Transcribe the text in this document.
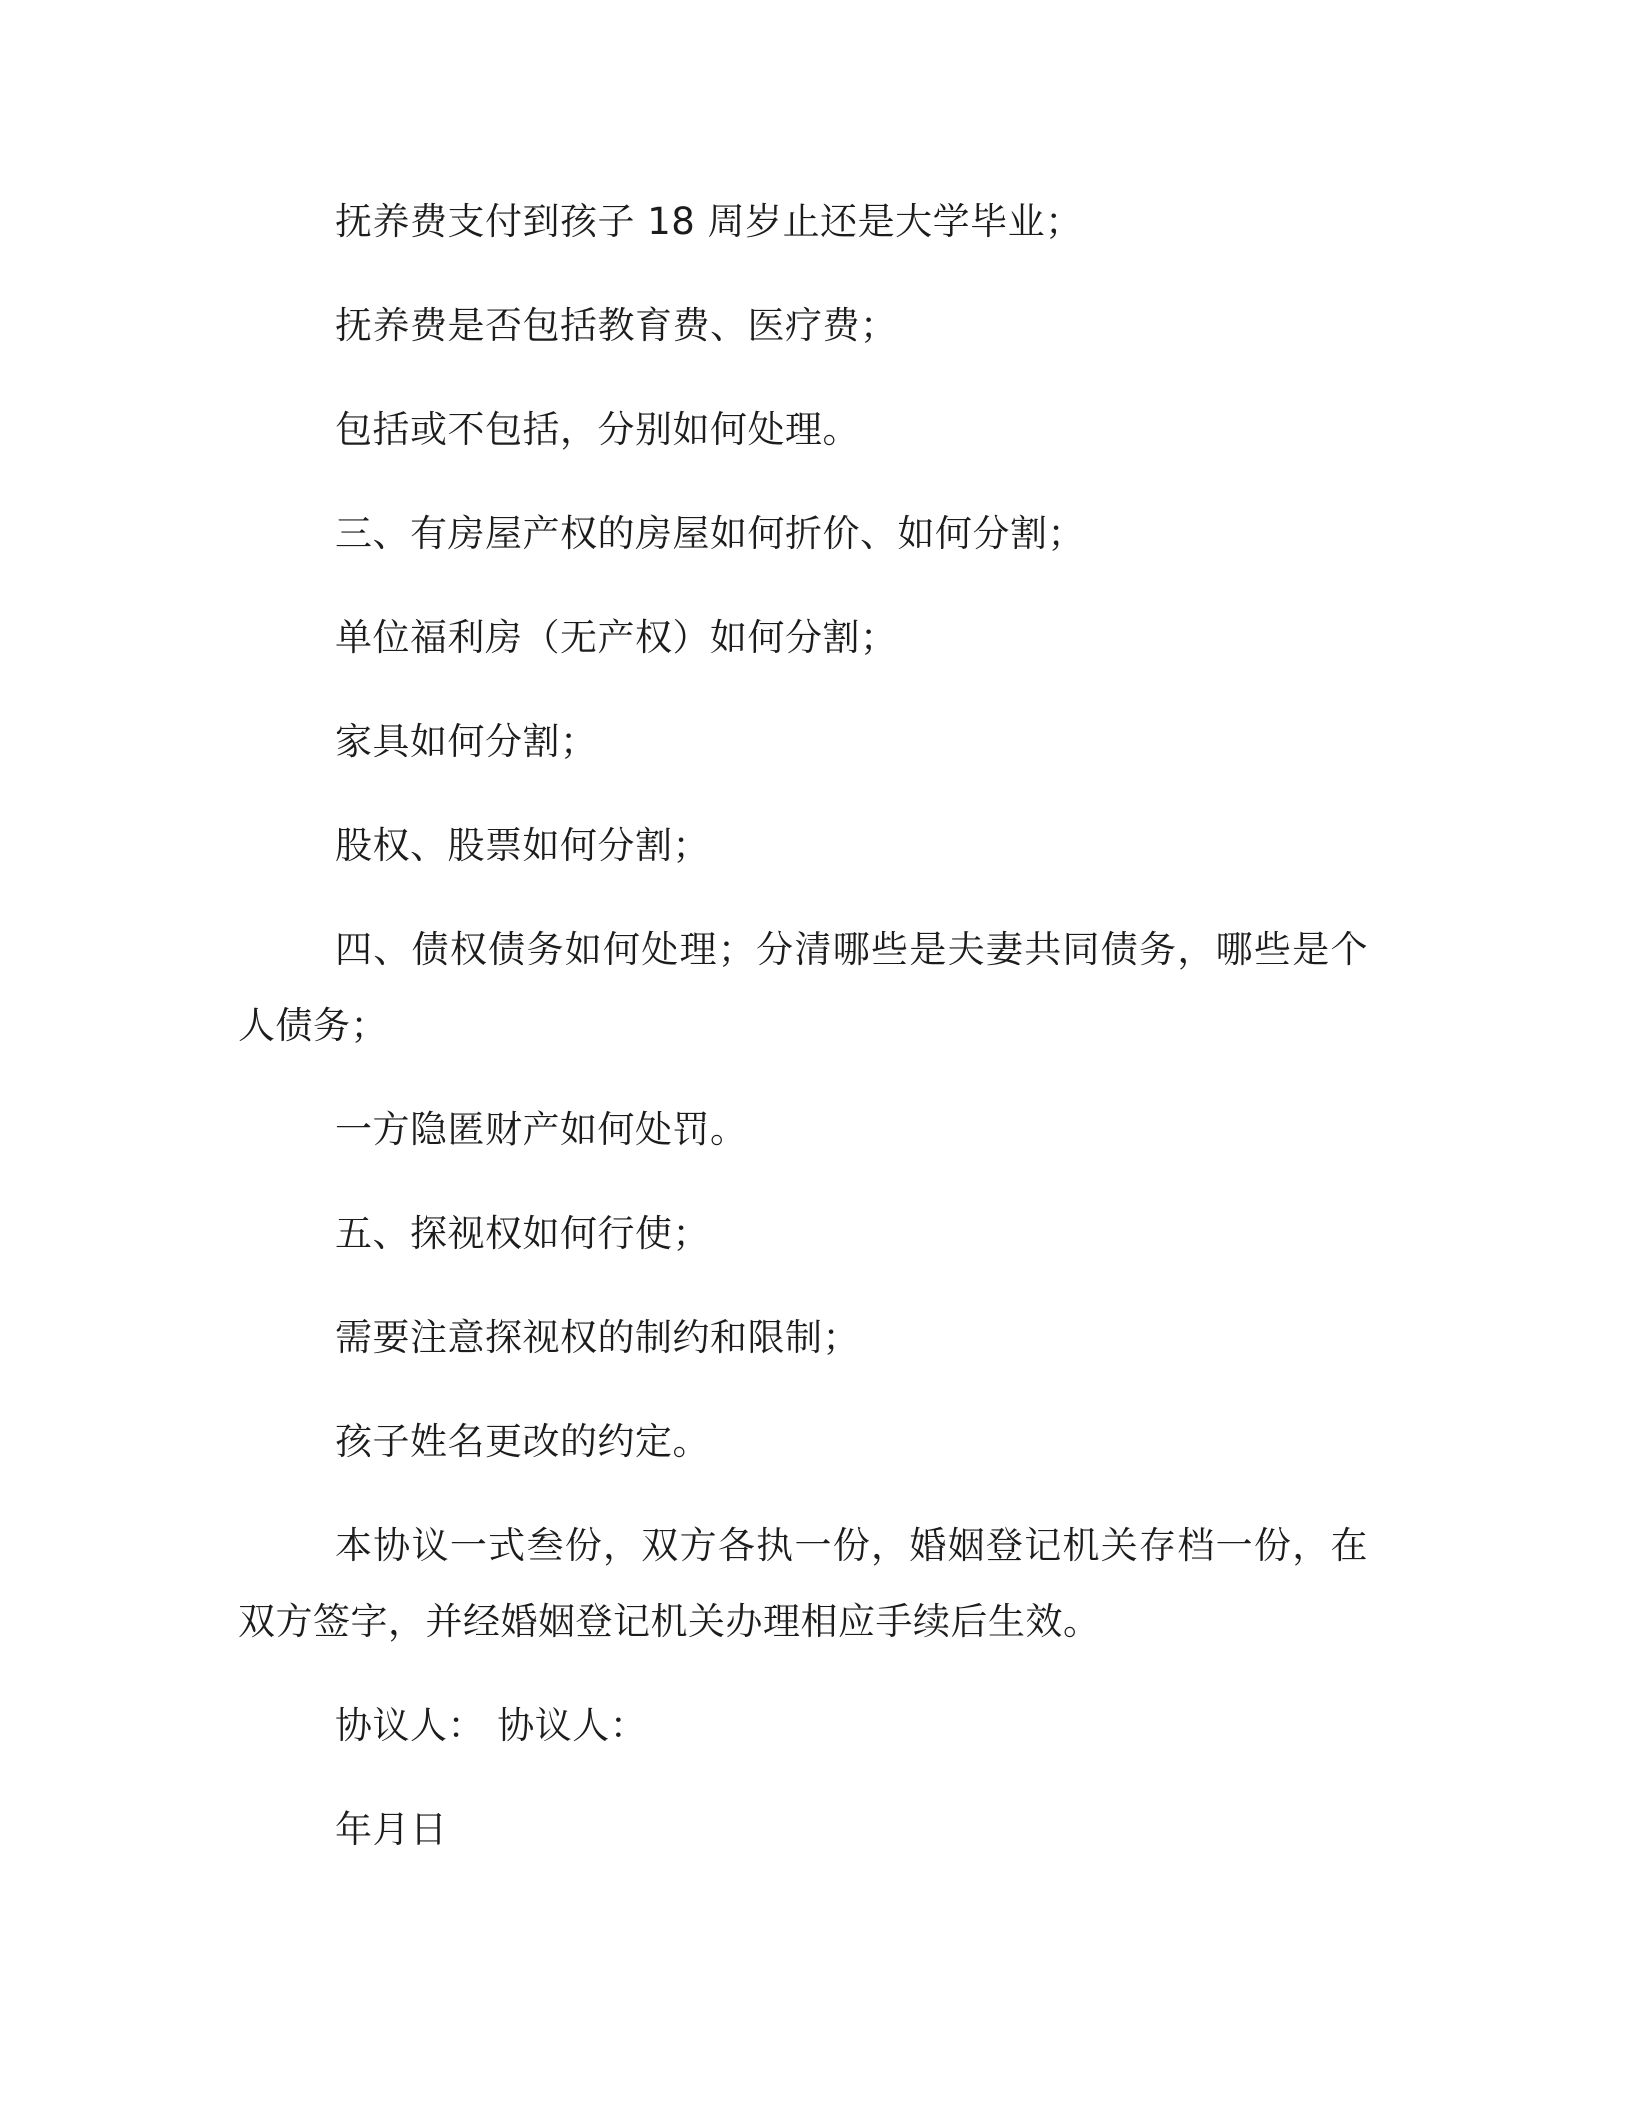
抚养费支付到孩子 18 周岁止还是大学毕业；

抚养费是否包括教育费、医疗费；

包括或不包括，分别如何处理。

三、有房屋产权的房屋如何折价、如何分割；

单位福利房（无产权）如何分割；

家具如何分割；

股权、股票如何分割；

四、债权债务如何处理；分清哪些是夫妻共同债务，哪些是个人债务；

一方隐匿财产如何处罚。

五、探视权如何行使；

需要注意探视权的制约和限制；

孩子姓名更改的约定。

本协议一式叁份，双方各执一份，婚姻登记机关存档一份，在双方签字，并经婚姻登记机关办理相应手续后生效。

协议人： 协议人：

年月日
